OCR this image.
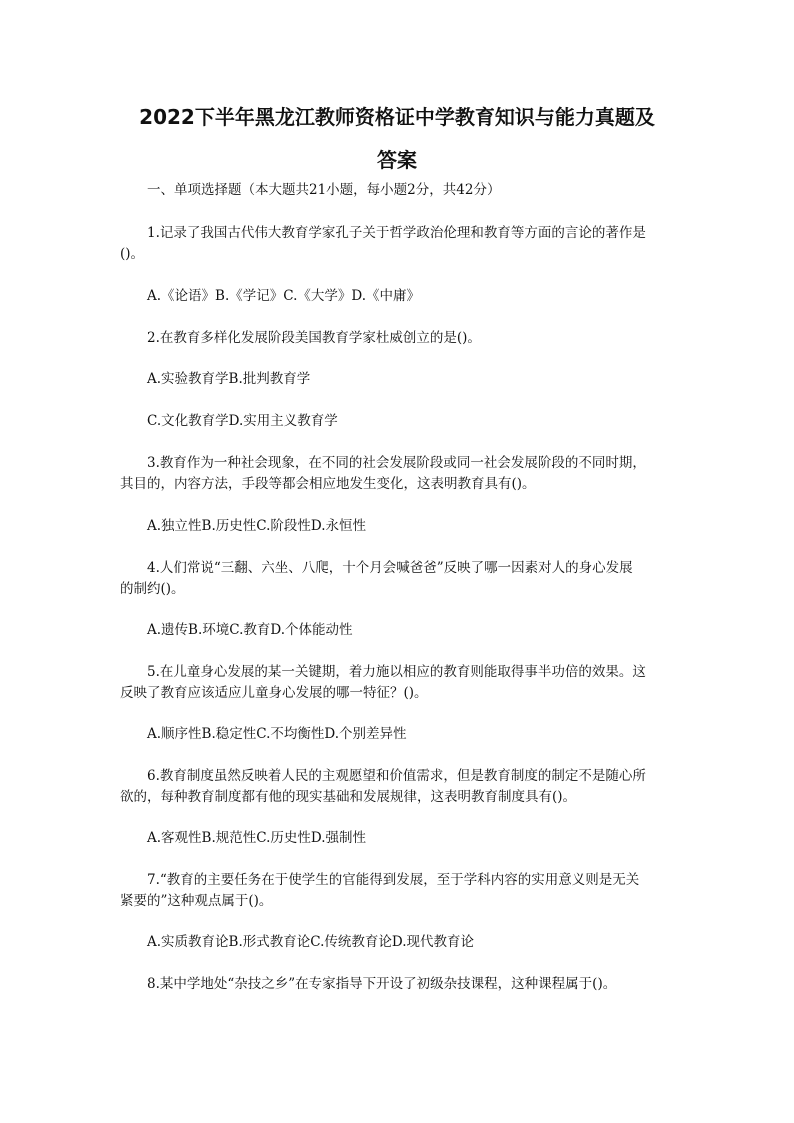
2022下半年黑龙江教师资格证中学教育知识与能力真题及
答案
一、单项选择题（本大题共21小题，每小题2分，共42分）
1.记录了我国古代伟大教育学家孔子关于哲学政治伦理和教育等方面的言论的著作是
()。
A.《论语》B.《学记》C.《大学》D.《中庸》
2.在教育多样化发展阶段美国教育学家杜威创立的是()。
A.实验教育学B.批判教育学
C.文化教育学D.实用主义教育学
3.教育作为一种社会现象，在不同的社会发展阶段或同一社会发展阶段的不同时期，
其目的，内容方法，手段等都会相应地发生变化，这表明教育具有()。
A.独立性B.历史性C.阶段性D.永恒性
4.人们常说“三翻、六坐、八爬，十个月会喊爸爸”反映了哪一因素对人的身心发展
的制约()。
A.遗传B.环境C.教育D.个体能动性
5.在儿童身心发展的某一关键期，着力施以相应的教育则能取得事半功倍的效果。这
反映了教育应该适应儿童身心发展的哪一特征？()。
A.顺序性B.稳定性C.不均衡性D.个别差异性
6.教育制度虽然反映着人民的主观愿望和价值需求，但是教育制度的制定不是随心所
欲的，每种教育制度都有他的现实基础和发展规律，这表明教育制度具有()。
A.客观性B.规范性C.历史性D.强制性
7.“教育的主要任务在于使学生的官能得到发展，至于学科内容的实用意义则是无关
紧要的”这种观点属于()。
A.实质教育论B.形式教育论C.传统教育论D.现代教育论
8.某中学地处“杂技之乡”在专家指导下开设了初级杂技课程，这种课程属于()。
